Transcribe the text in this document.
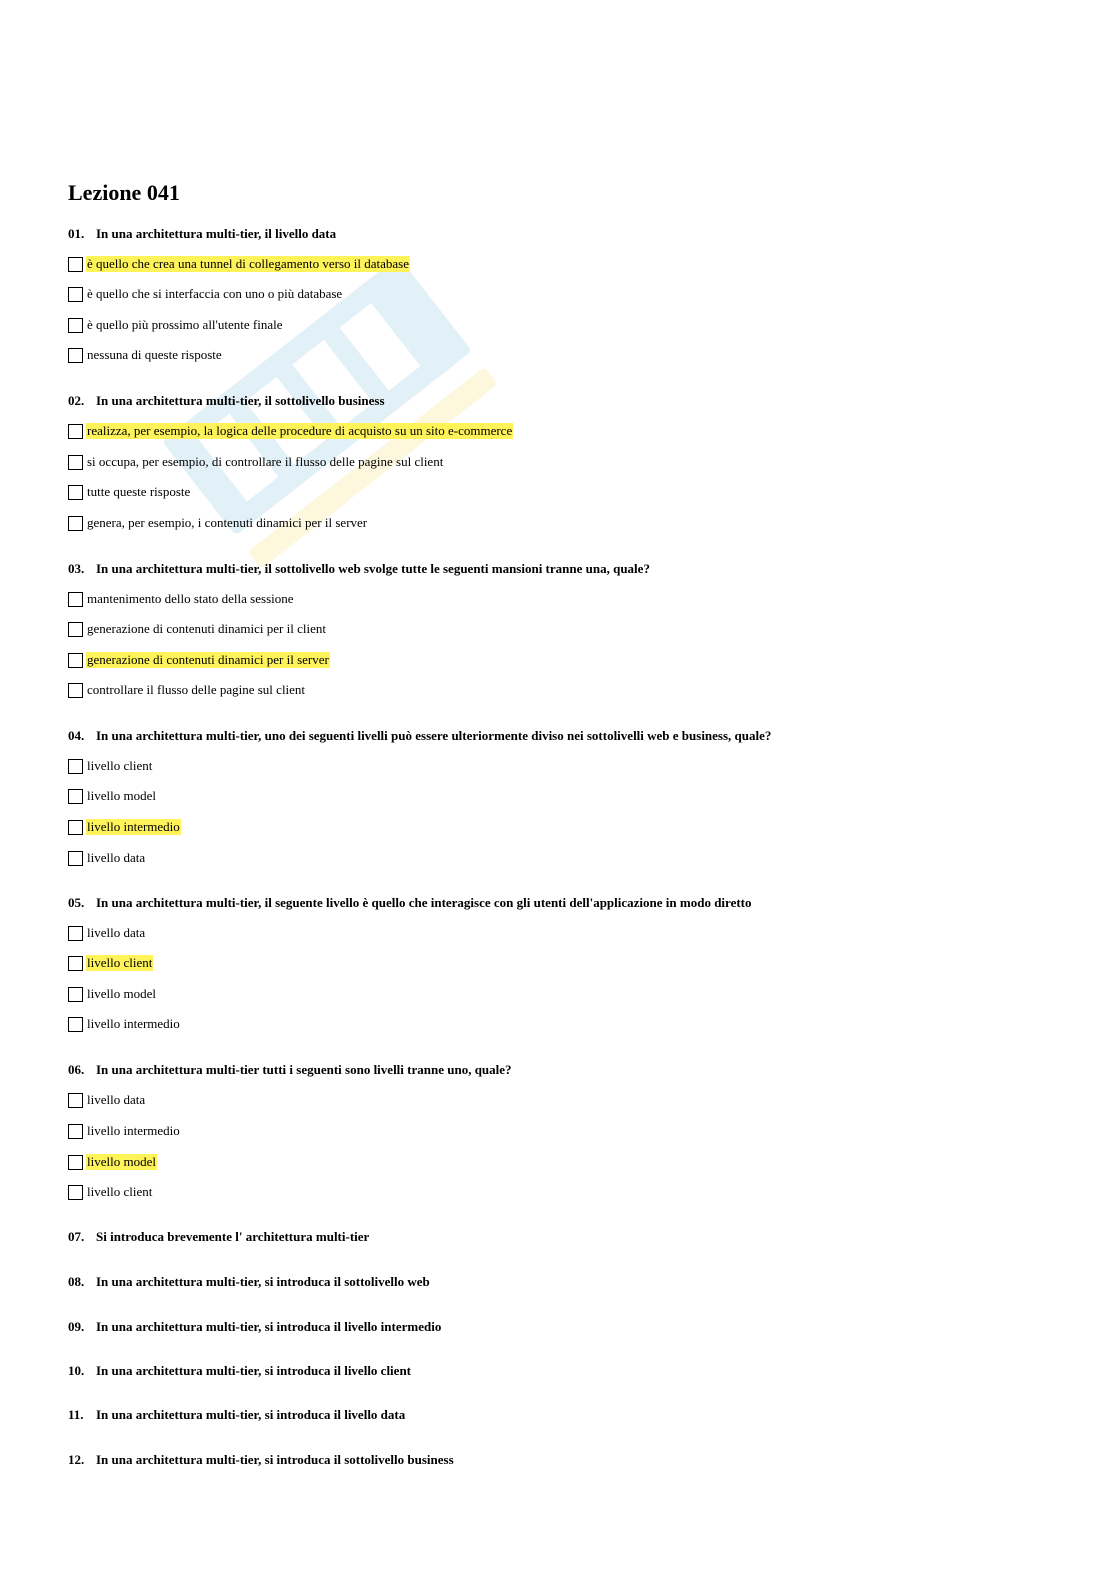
Lezione 041
01. In una architettura multi-tier, il livello data
è quello che crea una tunnel di collegamento verso il database
è quello che si interfaccia con uno o più database
è quello più prossimo all'utente finale
nessuna di queste risposte
02. In una architettura multi-tier, il sottolivello business
realizza, per esempio, la logica delle procedure di acquisto su un sito e-commerce
si occupa, per esempio, di controllare il flusso delle pagine sul client
tutte queste risposte
genera, per esempio, i contenuti dinamici per il server
03. In una architettura multi-tier, il sottolivello web svolge tutte le seguenti mansioni tranne una, quale?
mantenimento dello stato della sessione
generazione di contenuti dinamici per il client
generazione di contenuti dinamici per il server
controllare il flusso delle pagine sul client
04. In una architettura multi-tier, uno dei seguenti livelli può essere ulteriormente diviso nei sottolivelli web e business, quale?
livello client
livello model
livello intermedio
livello data
05. In una architettura multi-tier, il seguente livello è quello che interagisce con gli utenti dell'applicazione in modo diretto
livello data
livello client
livello model
livello intermedio
06. In una architettura multi-tier tutti i seguenti sono livelli tranne uno, quale?
livello data
livello intermedio
livello model
livello client
07. Si introduca brevemente l' architettura multi-tier
08. In una architettura multi-tier, si introduca il sottolivello web
09. In una architettura multi-tier, si introduca il livello intermedio
10. In una architettura multi-tier, si introduca il livello client
11. In una architettura multi-tier, si introduca il livello data
12. In una architettura multi-tier, si introduca il sottolivello business
